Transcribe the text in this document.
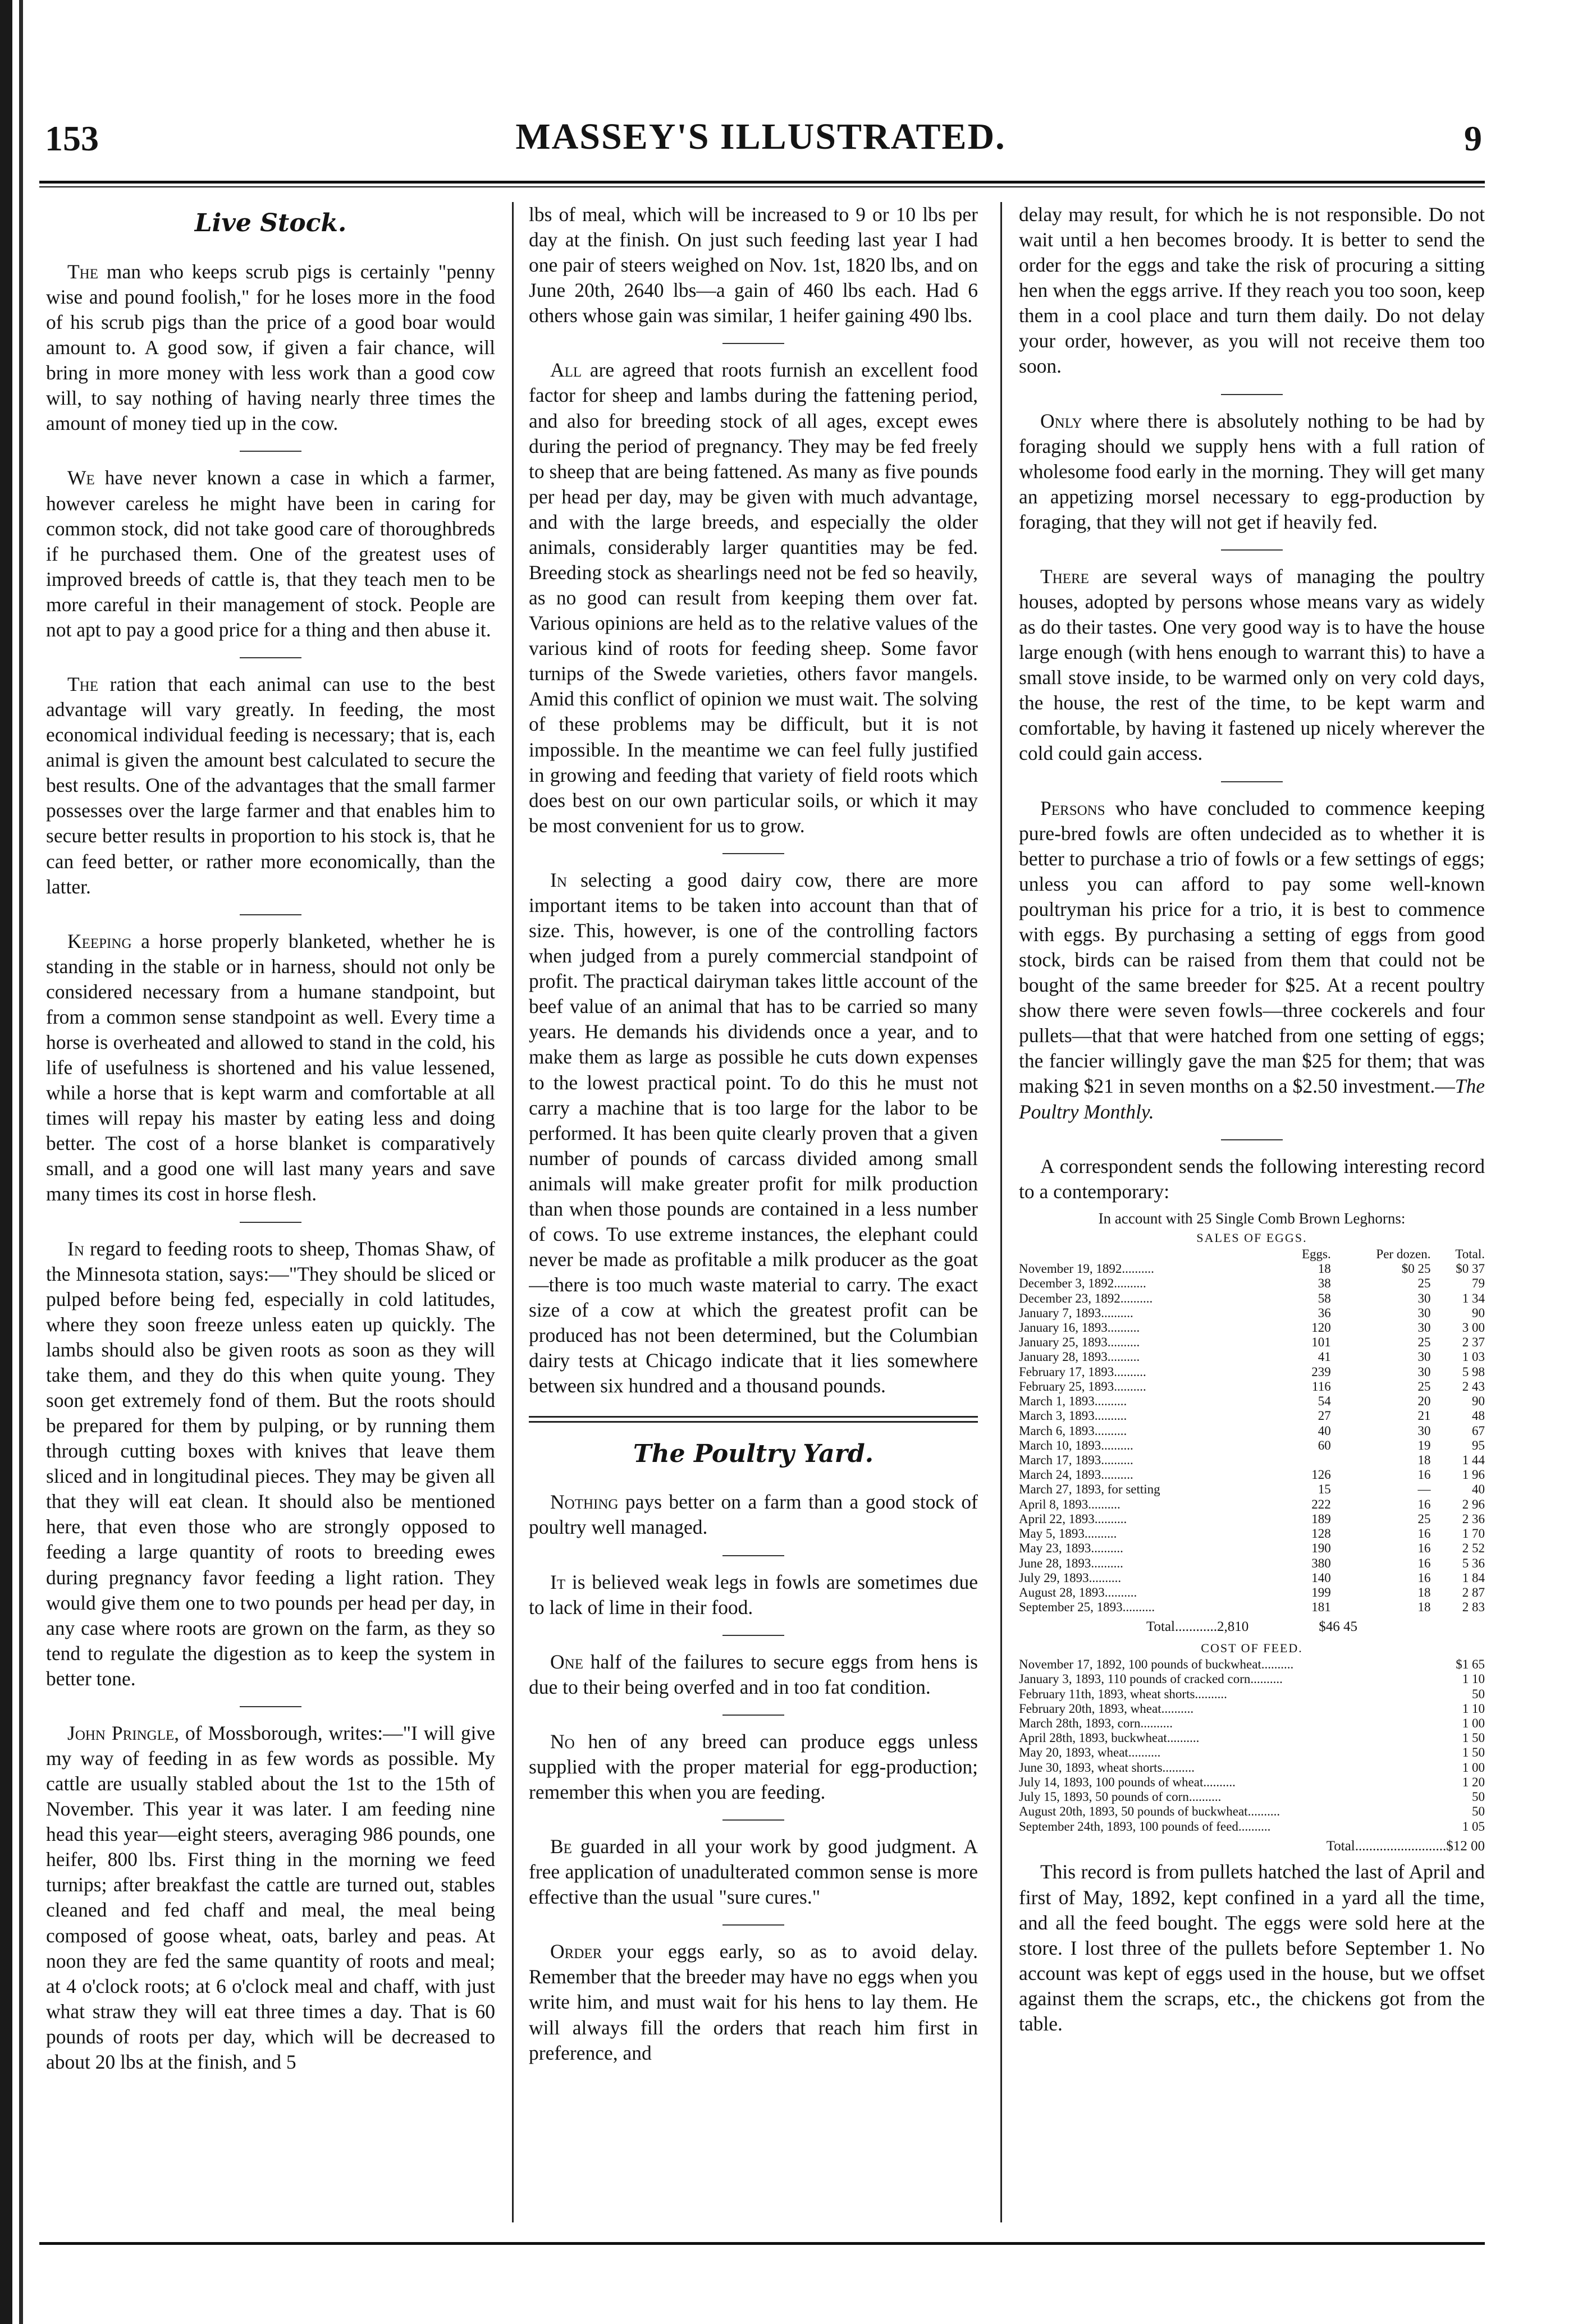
153	MASSEY'S ILLUSTRATED.	9
Live Stock.

The man who keeps scrub pigs is certainly "penny wise and pound foolish," for he loses more in the food of his scrub pigs than the price of a good boar would amount to. A good sow, if given a fair chance, will bring in more money with less work than a good cow will, to say nothing of having nearly three times the amount of money tied up in the cow.

We have never known a case in which a farmer, however careless he might have been in caring for common stock, did not take good care of thoroughbreds if he purchased them. One of the greatest uses of improved breeds of cattle is, that they teach men to be more careful in their management of stock. People are not apt to pay a good price for a thing and then abuse it.

The ration that each animal can use to the best advantage will vary greatly. In feeding, the most economical individual feeding is necessary; that is, each animal is given the amount best calculated to secure the best results. One of the advantages that the small farmer possesses over the large farmer and that enables him to secure better results in proportion to his stock is, that he can feed better, or rather more economically, than the latter.

Keeping a horse properly blanketed, whether he is standing in the stable or in harness, should not only be considered necessary from a humane standpoint, but from a common sense standpoint as well. Every time a horse is overheated and allowed to stand in the cold, his life of usefulness is shortened and his value lessened, while a horse that is kept warm and comfortable at all times will repay his master by eating less and doing better. The cost of a horse blanket is comparatively small, and a good one will last many years and save many times its cost in horse flesh.

In regard to feeding roots to sheep, Thomas Shaw, of the Minnesota station, says:—"They should be sliced or pulped before being fed, especially in cold latitudes, where they soon freeze unless eaten up quickly. The lambs should also be given roots as soon as they will take them, and they do this when quite young. They soon get extremely fond of them. But the roots should be prepared for them by pulping, or by running them through cutting boxes with knives that leave them sliced and in longitudinal pieces. They may be given all that they will eat clean. It should also be mentioned here, that even those who are strongly opposed to feeding a large quantity of roots to breeding ewes during pregnancy favor feeding a light ration. They would give them one to two pounds per head per day, in any case where roots are grown on the farm, as they so tend to regulate the digestion as to keep the system in better tone.

John Pringle, of Mossborough, writes:—"I will give my way of feeding in as few words as possible. My cattle are usually stabled about the 1st to the 15th of November. This year it was later. I am feeding nine head this year—eight steers, averaging 986 pounds, one heifer, 800 lbs. First thing in the morning we feed turnips; after breakfast the cattle are turned out, stables cleaned and fed chaff and meal, the meal being composed of goose wheat, oats, barley and peas. At noon they are fed the same quantity of roots and meal; at 4 o'clock roots; at 6 o'clock meal and chaff, with just what straw they will eat three times a day. That is 60 pounds of roots per day, which will be decreased to about 20 lbs at the finish, and 5

lbs of meal, which will be increased to 9 or 10 lbs per day at the finish. On just such feeding last year I had one pair of steers weighed on Nov. 1st, 1820 lbs, and on June 20th, 2640 lbs—a gain of 460 lbs each. Had 6 others whose gain was similar, 1 heifer gaining 490 lbs.

All are agreed that roots furnish an excellent food factor for sheep and lambs during the fattening period, and also for breeding stock of all ages, except ewes during the period of pregnancy. They may be fed freely to sheep that are being fattened. As many as five pounds per head per day, may be given with much advantage, and with the large breeds, and especially the older animals, considerably larger quantities may be fed. Breeding stock as shearlings need not be fed so heavily, as no good can result from keeping them over fat. Various opinions are held as to the relative values of the various kind of roots for feeding sheep. Some favor turnips of the Swede varieties, others favor mangels. Amid this conflict of opinion we must wait. The solving of these problems may be difficult, but it is not impossible. In the meantime we can feel fully justified in growing and feeding that variety of field roots which does best on our own particular soils, or which it may be most convenient for us to grow.

In selecting a good dairy cow, there are more important items to be taken into account than that of size. This, however, is one of the controlling factors when judged from a purely commercial standpoint of profit. The practical dairyman takes little account of the beef value of an animal that has to be carried so many years. He demands his dividends once a year, and to make them as large as possible he cuts down expenses to the lowest practical point. To do this he must not carry a machine that is too large for the labor to be performed. It has been quite clearly proven that a given number of pounds of carcass divided among small animals will make greater profit for milk production than when those pounds are contained in a less number of cows. To use extreme instances, the elephant could never be made as profitable a milk producer as the goat—there is too much waste material to carry. The exact size of a cow at which the greatest profit can be produced has not been determined, but the Columbian dairy tests at Chicago indicate that it lies somewhere between six hundred and a thousand pounds.

The Poultry Yard.

Nothing pays better on a farm than a good stock of poultry well managed.

It is believed weak legs in fowls are sometimes due to lack of lime in their food.

One half of the failures to secure eggs from hens is due to their being overfed and in too fat condition.

No hen of any breed can produce eggs unless supplied with the proper material for egg-production; remember this when you are feeding.

Be guarded in all your work by good judgment. A free application of unadulterated common sense is more effective than the usual "sure cures."

Order your eggs early, so as to avoid delay. Remember that the breeder may have no eggs when you write him, and must wait for his hens to lay them. He will always fill the orders that reach him first in preference, and

delay may result, for which he is not responsible. Do not wait until a hen becomes broody. It is better to send the order for the eggs and take the risk of procuring a sitting hen when the eggs arrive. If they reach you too soon, keep them in a cool place and turn them daily. Do not delay your order, however, as you will not receive them too soon.

Only where there is absolutely nothing to be had by foraging should we supply hens with a full ration of wholesome food early in the morning. They will get many an appetizing morsel necessary to egg-production by foraging, that they will not get if heavily fed.

There are several ways of managing the poultry houses, adopted by persons whose means vary as widely as do their tastes. One very good way is to have the house large enough (with hens enough to warrant this) to have a small stove inside, to be warmed only on very cold days, the house, the rest of the time, to be kept warm and comfortable, by having it fastened up nicely wherever the cold could gain access.

Persons who have concluded to commence keeping pure-bred fowls are often undecided as to whether it is better to purchase a trio of fowls or a few settings of eggs; unless you can afford to pay some well-known poultryman his price for a trio, it is best to commence with eggs. By purchasing a setting of eggs from good stock, birds can be raised from them that could not be bought of the same breeder for $25. At a recent poultry show there were seven fowls—three cockerels and four pullets—that that were hatched from one setting of eggs; the fancier willingly gave the man $25 for them; that was making $21 in seven months on a $2.50 investment.—The Poultry Monthly.

A correspondent sends the following interesting record to a contemporary:

In account with 25 Single Comb Brown Leghorns:
SALES OF EGGS.
	Eggs.	Per dozen.	Total.
November 19, 1892..........	18	$0 25	$0 37
December 3, 1892..........	38	25	79
December 23, 1892..........	58	30	1 34
January 7, 1893..........	36	30	90
January 16, 1893..........	120	30	3 00
January 25, 1893..........	101	25	2 37
January 28, 1893..........	41	30	1 03
February 17, 1893..........	239	30	5 98
February 25, 1893..........	116	25	2 43
March 1, 1893..........	54	20	90
March 3, 1893..........	27	21	48
March 6, 1893..........	40	30	67
March 10, 1893..........	60	19	95
March 17, 1893..........		18	1 44
March 24, 1893..........	126	16	1 96
March 27, 1893, for setting	15	—	40
April 8, 1893..........	222	16	2 96
April 22, 1893..........	189	25	2 36
May 5, 1893..........	128	16	1 70
May 23, 1893..........	190	16	2 52
June 28, 1893..........	380	16	5 36
July 29, 1893..........	140	16	1 84
August 28, 1893..........	199	18	2 87
September 25, 1893..........	181	18	2 83
Total............2,810	$46 45
COST OF FEED.
November 17, 1892, 100 pounds of buckwheat..........	$1 65
January 3, 1893, 110 pounds of cracked corn..........	1 10
February 11th, 1893, wheat shorts..........	50
February 20th, 1893, wheat..........	1 10
March 28th, 1893, corn..........	1 00
April 28th, 1893, buckwheat..........	1 50
May 20, 1893, wheat..........	1 50
June 30, 1893, wheat shorts..........	1 00
July 14, 1893, 100 pounds of wheat..........	1 20
July 15, 1893, 50 pounds of corn..........	50
August 20th, 1893, 50 pounds of buckwheat..........	50
September 24th, 1893, 100 pounds of feed..........	1 05
Total..........................$12 00

This record is from pullets hatched the last of April and first of May, 1892, kept confined in a yard all the time, and all the feed bought. The eggs were sold here at the store. I lost three of the pullets before September 1. No account was kept of eggs used in the house, but we offset against them the scraps, etc., the chickens got from the table.
